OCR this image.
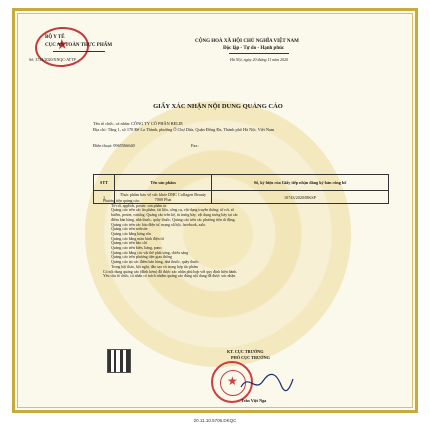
★
BỘ Y TẾ
CỤC AN TOÀN THỰC PHẨM
CỘNG HOÀ XÃ HỘI CHỦ NGHĨA VIỆT NAM
Độc lập - Tự do - Hạnh phúc
Số: 3744/2020/XNQC-ATTP	Hà Nội, ngày 20 tháng 11 năm 2020
GIẤY XÁC NHẬN NỘI DUNG QUẢNG CÁO
Tên tổ chức, cá nhân: CÔNG TY CỔ PHẦN BELIE
Địa chỉ: Tầng 1, số 170 Đê La Thành, phường Ô Chợ Dừa, Quận Đống Đa, Thành phố Hà Nội, Việt Nam
Điện thoại: 0965566640	Fax:
STT	Tên sản phẩm	Số, ký hiệu của Giấy tiếp nhận đăng ký bản công bố
1	Thực phẩm bảo vệ sức khỏe DHC Collagen Beauty 7000 Plus	10743/2020/ĐKSP
Phương tiện quảng cáo:
Tờ rơi, applich, poster, sản phẩm in
Quảng cáo trên các ấn phẩm, tài liệu, công cụ, vật dụng truyền thông: tờ rơi, sổ
bướm, poster, catalog. Quảng cáo trên kệ, tủ trưng bày, vật dụng trưng bày tại các
điểm bán hàng, nhà thuốc, quầy thuốc. Quảng cáo trên các phương tiện di động.
Quảng cáo trên các báo điện tử, mạng xã hội, facebook, zalo.
Quảng cáo trên website
Quảng cáo bằng băng rôn
Quảng cáo bằng màn hình điện tử
Quảng cáo trên báo chí
Quảng cáo trên biển, bảng, pano
Quảng cáo bằng các vật thể phát sáng, chiếu sáng
Quảng cáo trên phương tiện giao thông
Quảng cáo tại các điểm bán hàng, nhà thuốc, quầy thuốc
Trong hội thảo, hội nghị, đào tạo và trong hợp tác phẩm
Có nội dung quảng cáo (đính kèm) đã được xác nhận phù hợp với quy định hiện hành.
Yêu cầu tổ chức, cá nhân có trách nhiệm quảng cáo đúng nội dung đã được xác nhận.
KT. CỤC TRƯỞNG
PHÓ CỤC TRƯỞNG
★
Trần Việt Nga
20.11.10.5706.DKQC
